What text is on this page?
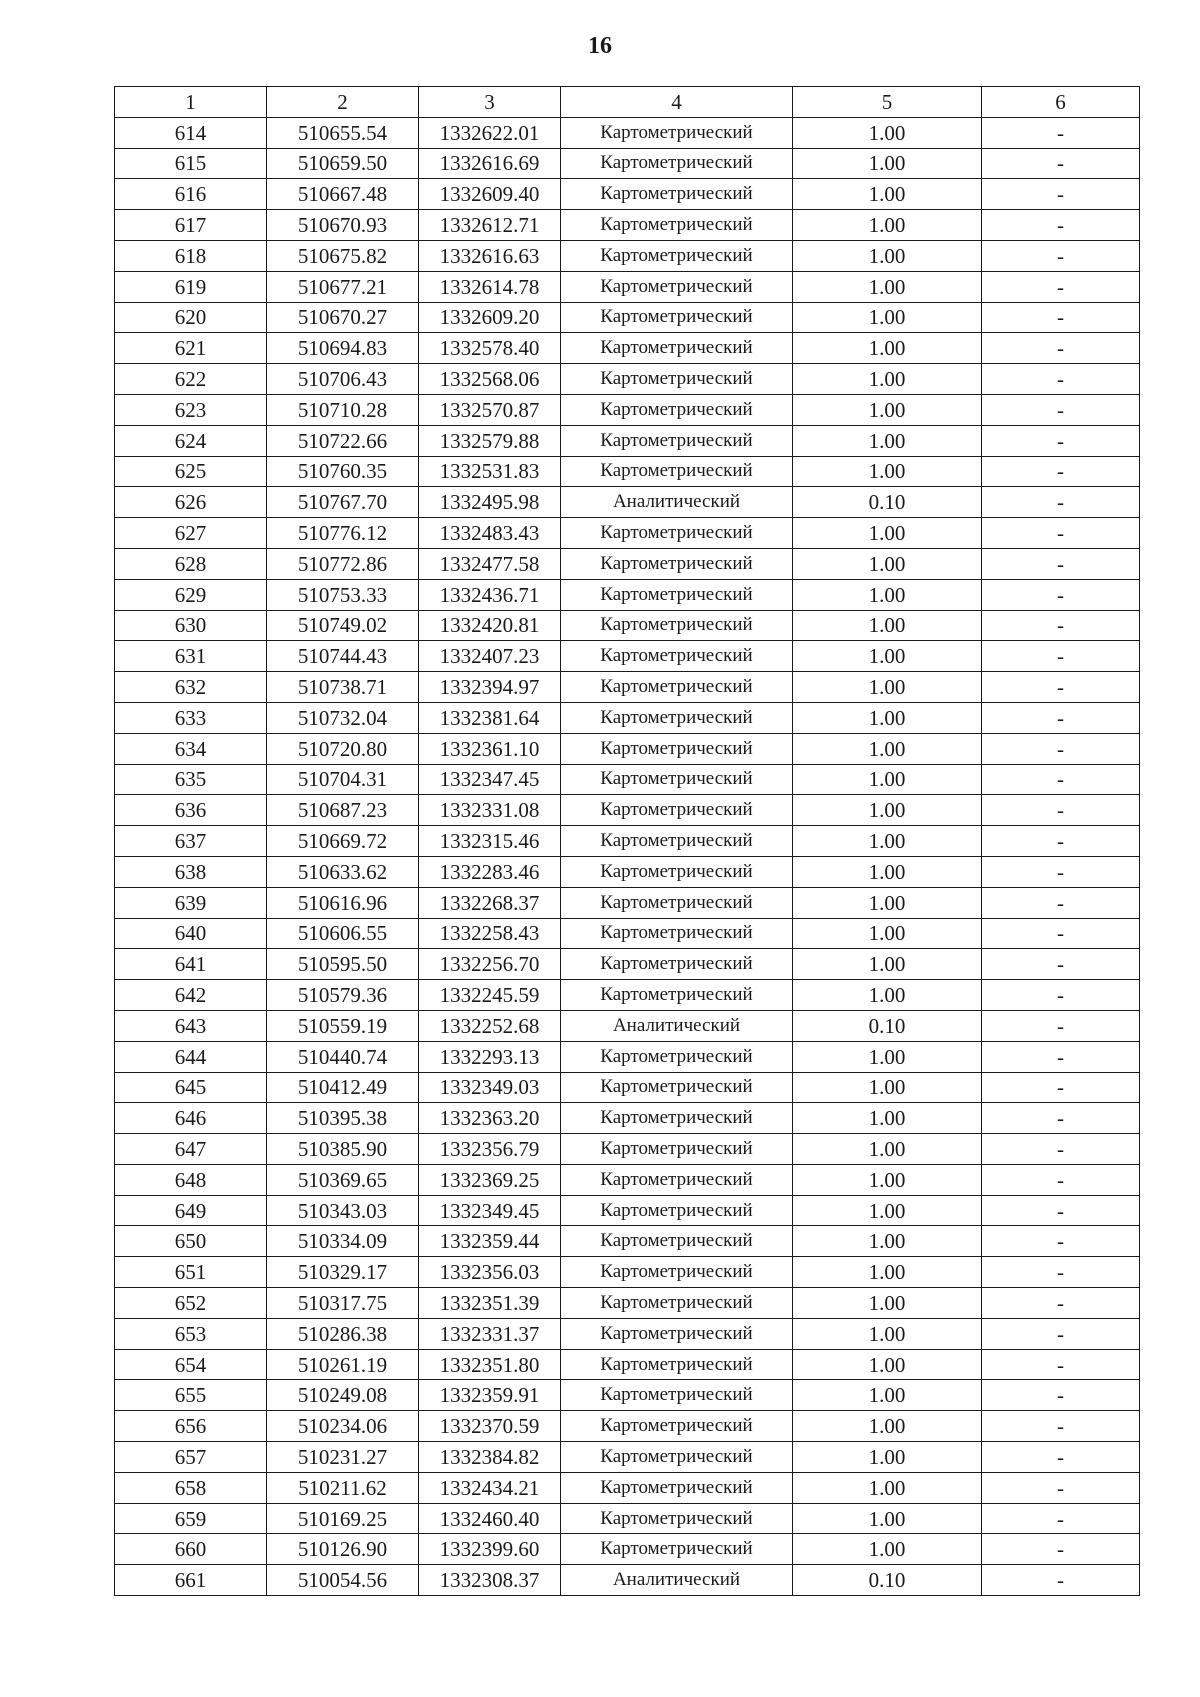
16
1	2	3	4	5	6
614	510655.54	1332622.01	Картометрический	1.00	-
615	510659.50	1332616.69	Картометрический	1.00	-
616	510667.48	1332609.40	Картометрический	1.00	-
617	510670.93	1332612.71	Картометрический	1.00	-
618	510675.82	1332616.63	Картометрический	1.00	-
619	510677.21	1332614.78	Картометрический	1.00	-
620	510670.27	1332609.20	Картометрический	1.00	-
621	510694.83	1332578.40	Картометрический	1.00	-
622	510706.43	1332568.06	Картометрический	1.00	-
623	510710.28	1332570.87	Картометрический	1.00	-
624	510722.66	1332579.88	Картометрический	1.00	-
625	510760.35	1332531.83	Картометрический	1.00	-
626	510767.70	1332495.98	Аналитический	0.10	-
627	510776.12	1332483.43	Картометрический	1.00	-
628	510772.86	1332477.58	Картометрический	1.00	-
629	510753.33	1332436.71	Картометрический	1.00	-
630	510749.02	1332420.81	Картометрический	1.00	-
631	510744.43	1332407.23	Картометрический	1.00	-
632	510738.71	1332394.97	Картометрический	1.00	-
633	510732.04	1332381.64	Картометрический	1.00	-
634	510720.80	1332361.10	Картометрический	1.00	-
635	510704.31	1332347.45	Картометрический	1.00	-
636	510687.23	1332331.08	Картометрический	1.00	-
637	510669.72	1332315.46	Картометрический	1.00	-
638	510633.62	1332283.46	Картометрический	1.00	-
639	510616.96	1332268.37	Картометрический	1.00	-
640	510606.55	1332258.43	Картометрический	1.00	-
641	510595.50	1332256.70	Картометрический	1.00	-
642	510579.36	1332245.59	Картометрический	1.00	-
643	510559.19	1332252.68	Аналитический	0.10	-
644	510440.74	1332293.13	Картометрический	1.00	-
645	510412.49	1332349.03	Картометрический	1.00	-
646	510395.38	1332363.20	Картометрический	1.00	-
647	510385.90	1332356.79	Картометрический	1.00	-
648	510369.65	1332369.25	Картометрический	1.00	-
649	510343.03	1332349.45	Картометрический	1.00	-
650	510334.09	1332359.44	Картометрический	1.00	-
651	510329.17	1332356.03	Картометрический	1.00	-
652	510317.75	1332351.39	Картометрический	1.00	-
653	510286.38	1332331.37	Картометрический	1.00	-
654	510261.19	1332351.80	Картометрический	1.00	-
655	510249.08	1332359.91	Картометрический	1.00	-
656	510234.06	1332370.59	Картометрический	1.00	-
657	510231.27	1332384.82	Картометрический	1.00	-
658	510211.62	1332434.21	Картометрический	1.00	-
659	510169.25	1332460.40	Картометрический	1.00	-
660	510126.90	1332399.60	Картометрический	1.00	-
661	510054.56	1332308.37	Аналитический	0.10	-
